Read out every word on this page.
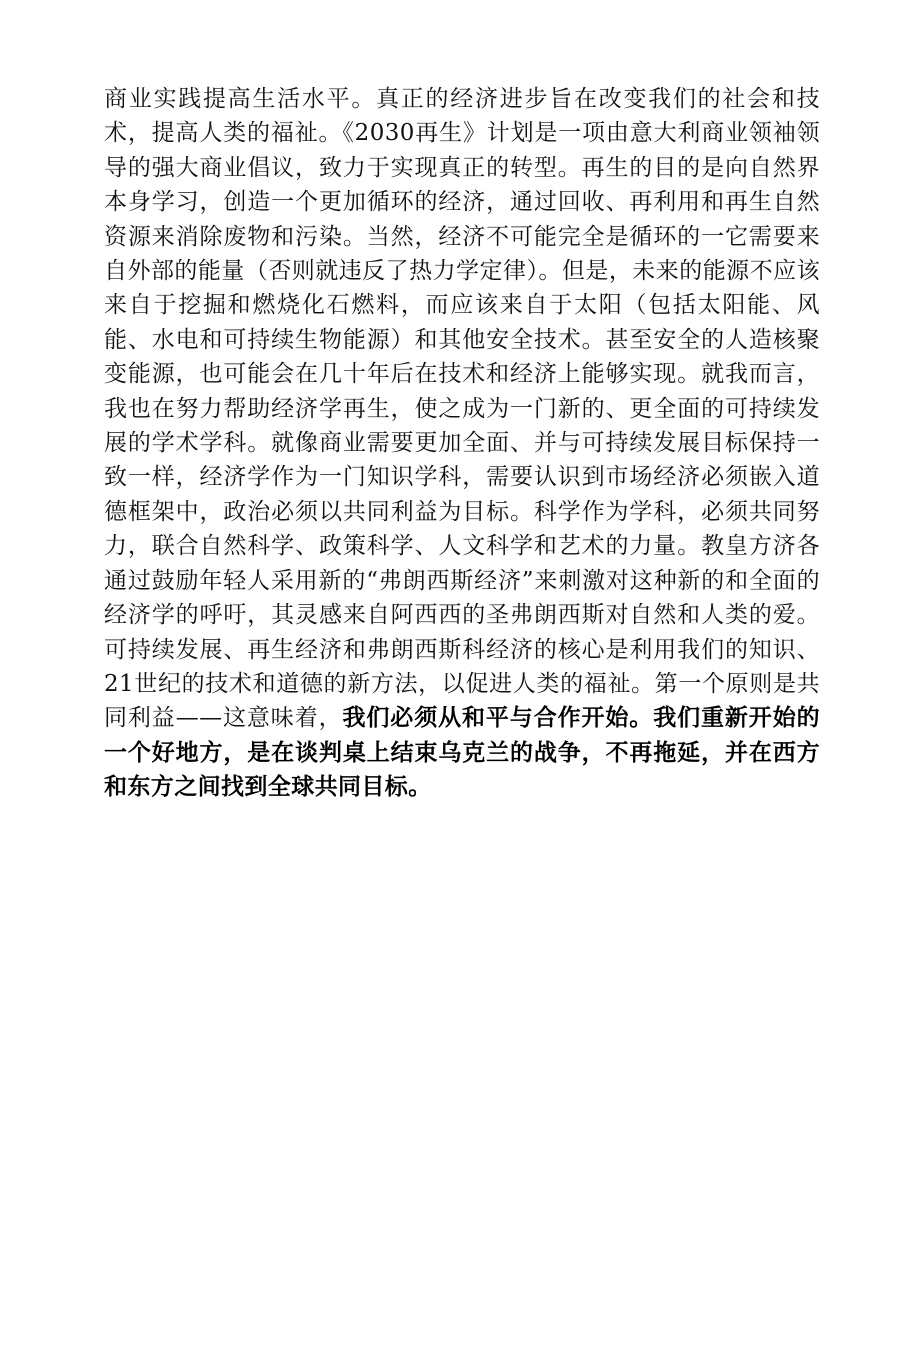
商业实践提高生活水平。真正的经济进步旨在改变我们的社会和技术，提高人类的福祉。《2030再生》计划是一项由意大利商业领袖领导的强大商业倡议，致力于实现真正的转型。再生的目的是向自然界本身学习，创造一个更加循环的经济，通过回收、再利用和再生自然资源来消除废物和污染。当然，经济不可能完全是循环的一它需要来自外部的能量（否则就违反了热力学定律）。但是，未来的能源不应该来自于挖掘和燃烧化石燃料，而应该来自于太阳（包括太阳能、风能、水电和可持续生物能源）和其他安全技术。甚至安全的人造核聚变能源，也可能会在几十年后在技术和经济上能够实现。就我而言，我也在努力帮助经济学再生，使之成为一门新的、更全面的可持续发展的学术学科。就像商业需要更加全面、并与可持续发展目标保持一致一样，经济学作为一门知识学科，需要认识到市场经济必须嵌入道德框架中，政治必须以共同利益为目标。科学作为学科，必须共同努力，联合自然科学、政策科学、人文科学和艺术的力量。教皇方济各通过鼓励年轻人采用新的“弗朗西斯经济”来刺激对这种新的和全面的经济学的呼吁，其灵感来自阿西西的圣弗朗西斯对自然和人类的爱。可持续发展、再生经济和弗朗西斯科经济的核心是利用我们的知识、21世纪的技术和道德的新方法，以促进人类的福祉。第一个原则是共同利益——这意味着，我们必须从和平与合作开始。我们重新开始的一个好地方，是在谈判桌上结束乌克兰的战争，不再拖延，并在西方和东方之间找到全球共同目标。
